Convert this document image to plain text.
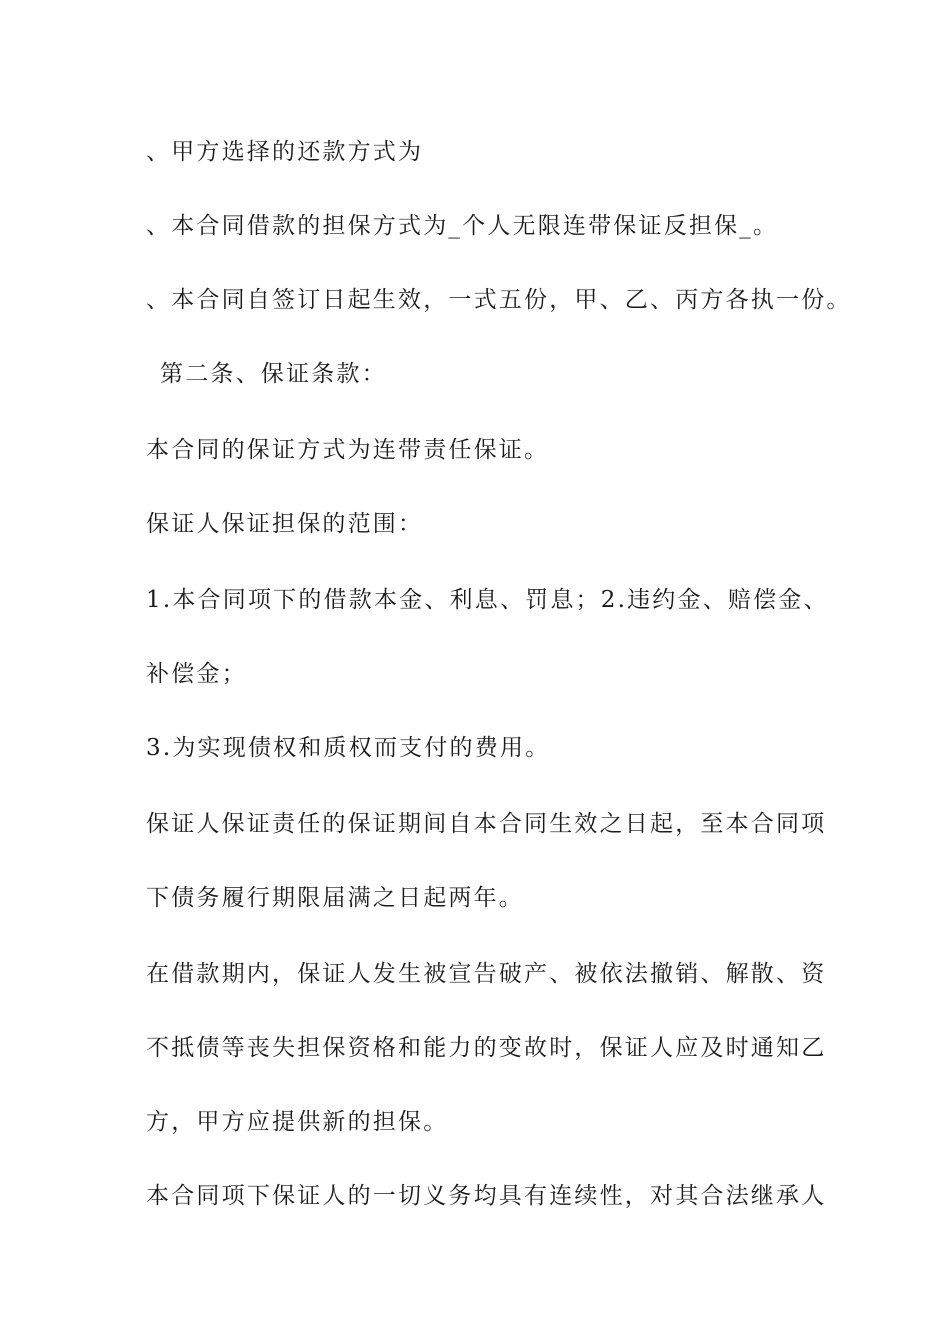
、甲方选择的还款方式为
、本合同借款的担保方式为_个人无限连带保证反担保_。
、本合同自签订日起生效，一式五份，甲、乙、丙方各执一份。
第二条、保证条款：
本合同的保证方式为连带责任保证。
保证人保证担保的范围：
1.本合同项下的借款本金、利息、罚息；2.违约金、赔偿金、
补偿金；
3.为实现债权和质权而支付的费用。
保证人保证责任的保证期间自本合同生效之日起，至本合同项
下债务履行期限届满之日起两年。
在借款期内，保证人发生被宣告破产、被依法撤销、解散、资
不抵债等丧失担保资格和能力的变故时，保证人应及时通知乙
方，甲方应提供新的担保。
本合同项下保证人的一切义务均具有连续性，对其合法继承人
